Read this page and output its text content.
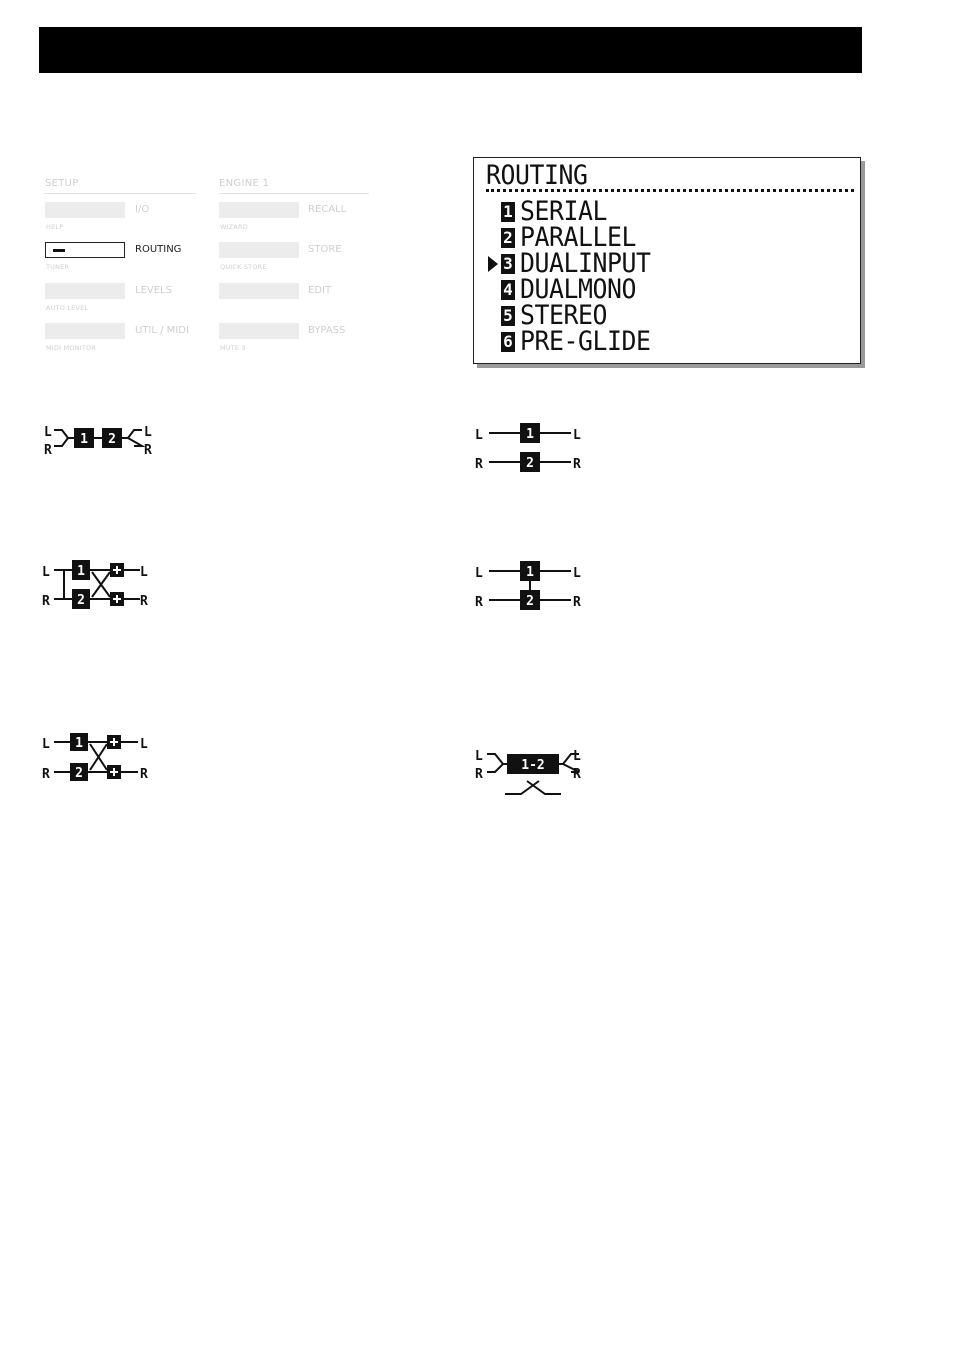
SETUP	ENGINE 1
I/O
HELP
ROUTING
TUNER
LEVELS
AUTO LEVEL
UTIL / MIDI
MIDI MONITOR
RECALL
WIZARD
STORE
QUICK STORE
EDIT
BYPASS
MUTE 3
ROUTING
1 SERIAL
2 PARALLEL
3 DUALINPUT
4 DUALMONO
5 STEREO
6 PRE-GLIDE
L
R
1 2 L
R
L
R
1
2
L
R
L
R
1
2
L
R
L
R
1
2
L
R
L
R
1
2
L
R
1-2
L
R
L
R
